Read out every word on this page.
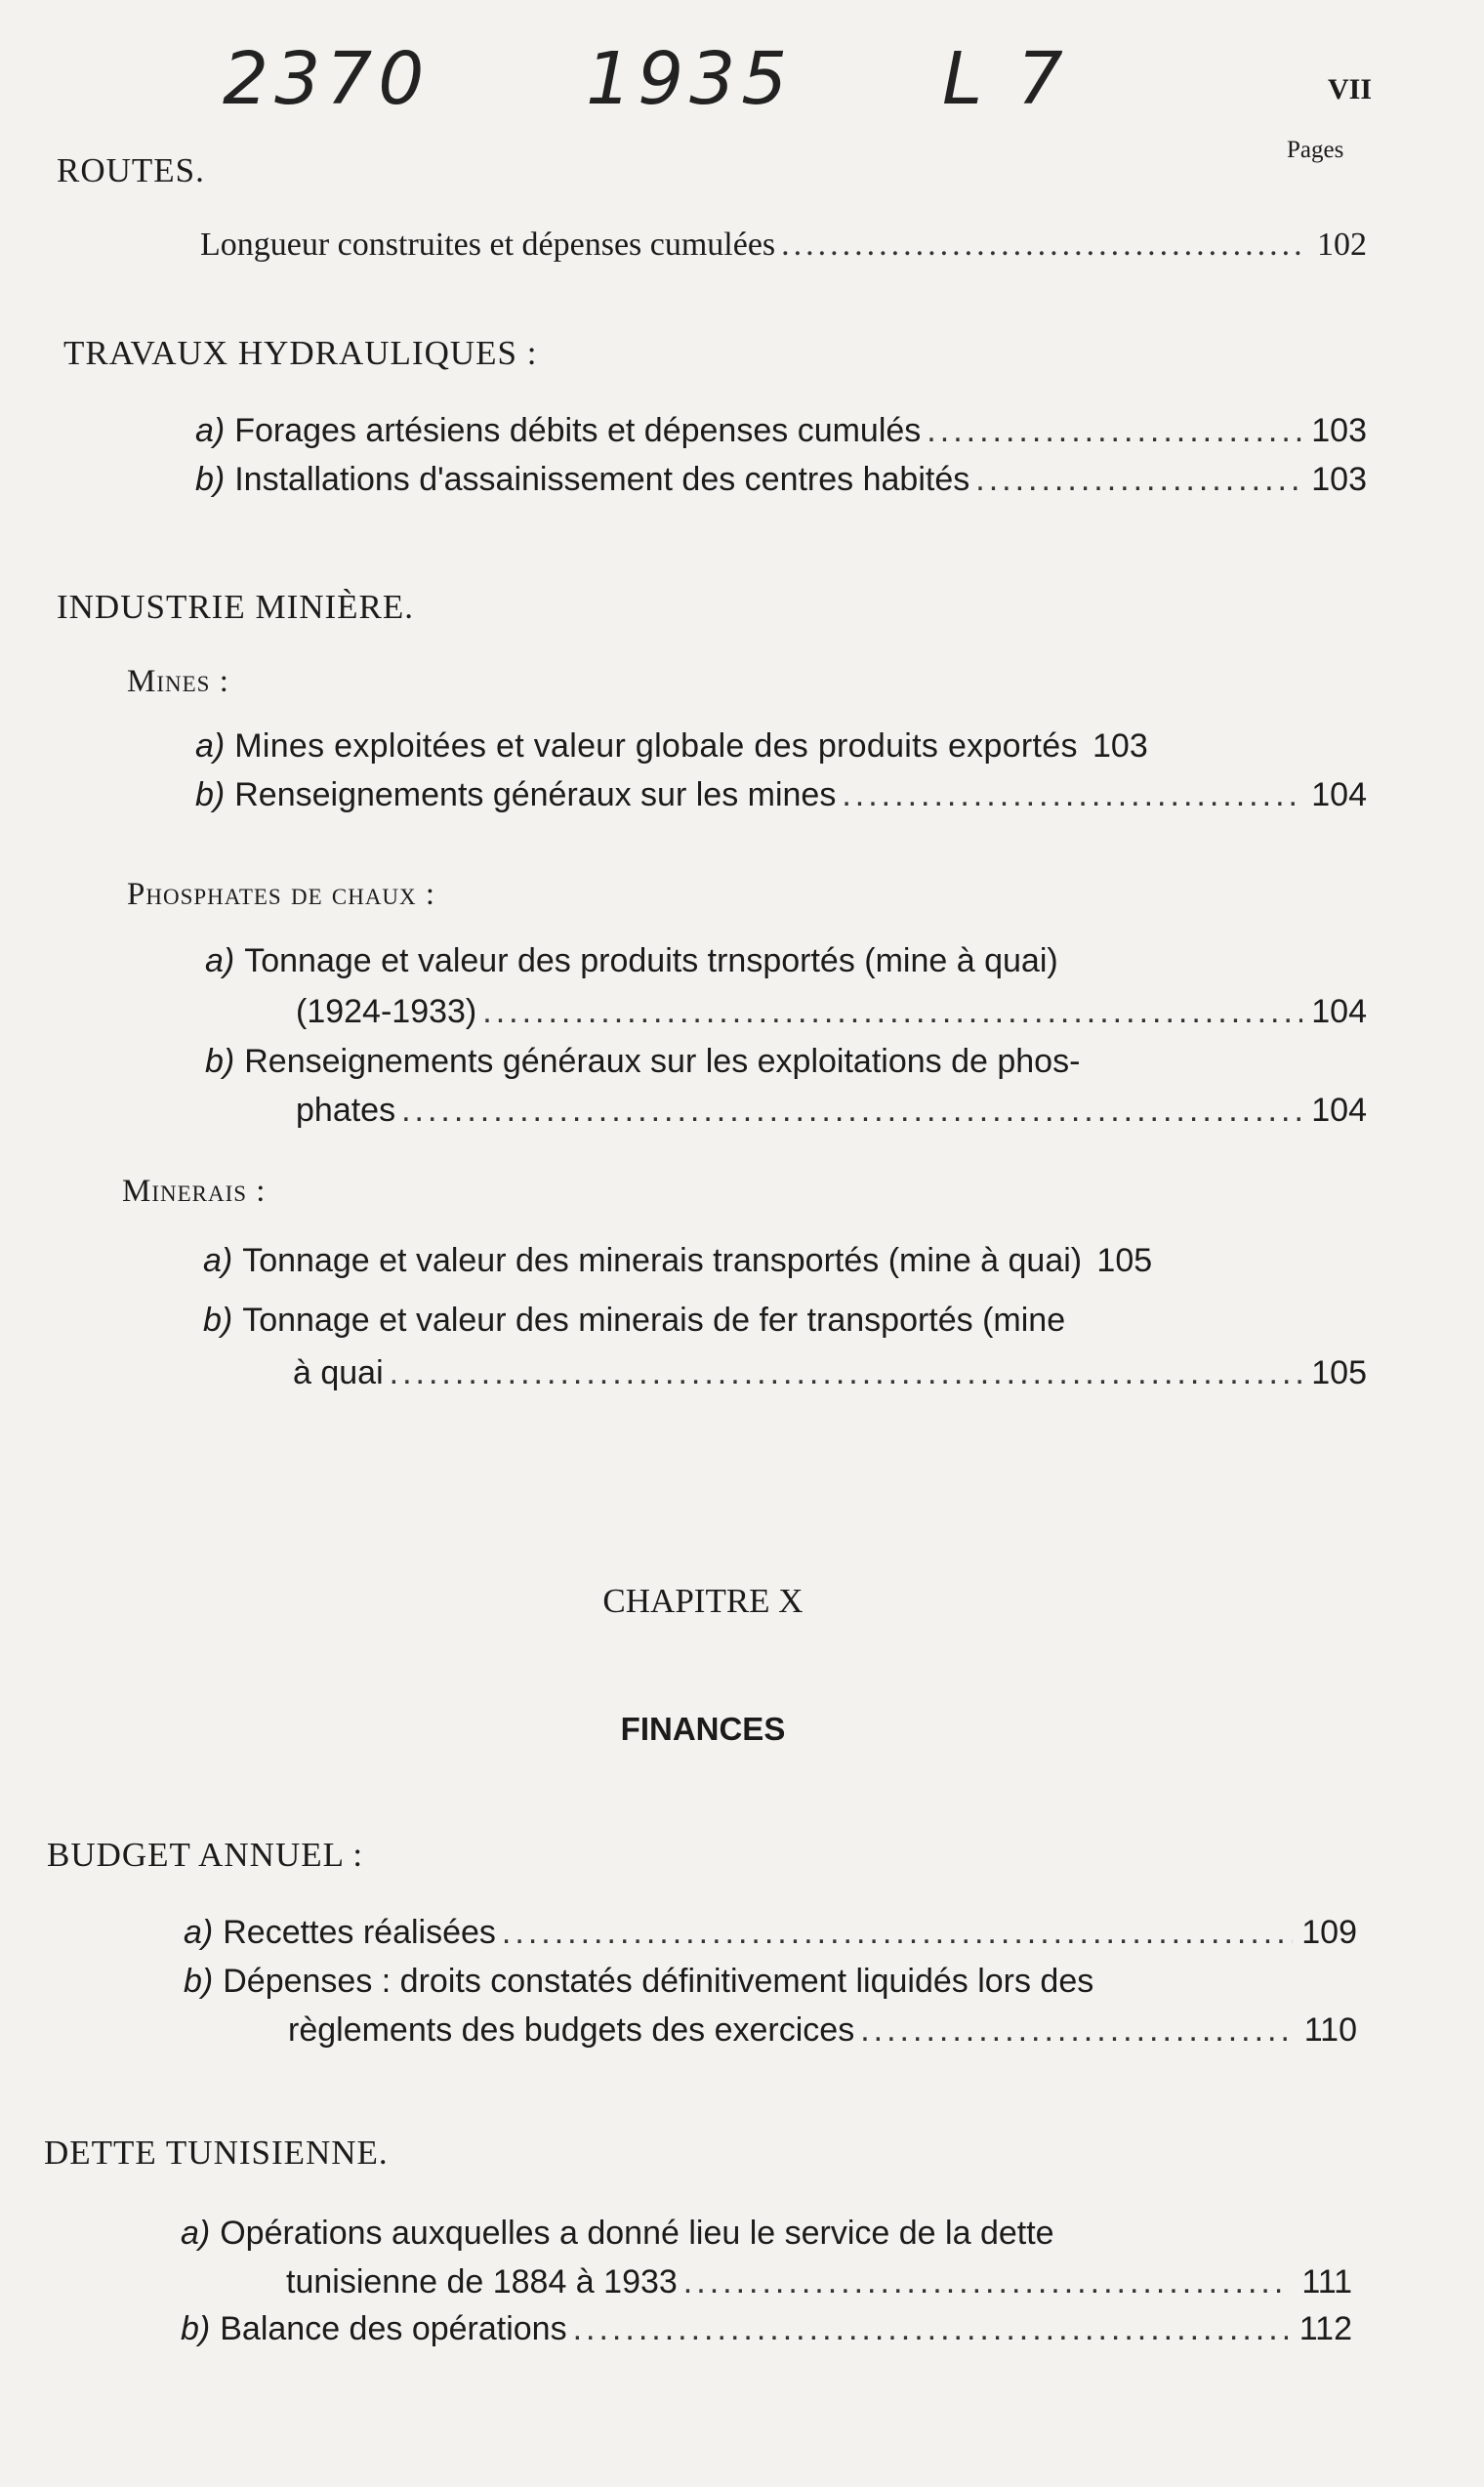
2370 1935 L 7	VII
Pages
ROUTES.
Longueur construites et dépenses cumulées .....	102
TRAVAUX HYDRAULIQUES :
a) Forages artésiens débits et dépenses cumulés .....	103
b) Installations d'assainissement des centres habités .....	103
INDUSTRIE MINIÈRE.
Mines :
a) Mines exploitées et valeur globale des produits exportés 103
b) Renseignements généraux sur les mines .....	104
Phosphates de chaux :
a) Tonnage et valeur des produits trnsportés (mine à quai)
(1924-1933) .....	104
b) Renseignements généraux sur les exploitations de phos-
phates .....	104
Minerais :
a) Tonnage et valeur des minerais transportés (mine à quai) 105
b) Tonnage et valeur des minerais de fer transportés (mine
à quai .....	105
CHAPITRE X
FINANCES
BUDGET ANNUEL :
a) Recettes réalisées .....	109
b) Dépenses : droits constatés définitivement liquidés lors des
règlements des budgets des exercices .....	110
DETTE TUNISIENNE.
a) Opérations auxquelles a donné lieu le service de la dette
tunisienne de 1884 à 1933 .....	111
b) Balance des opérations .....	112
